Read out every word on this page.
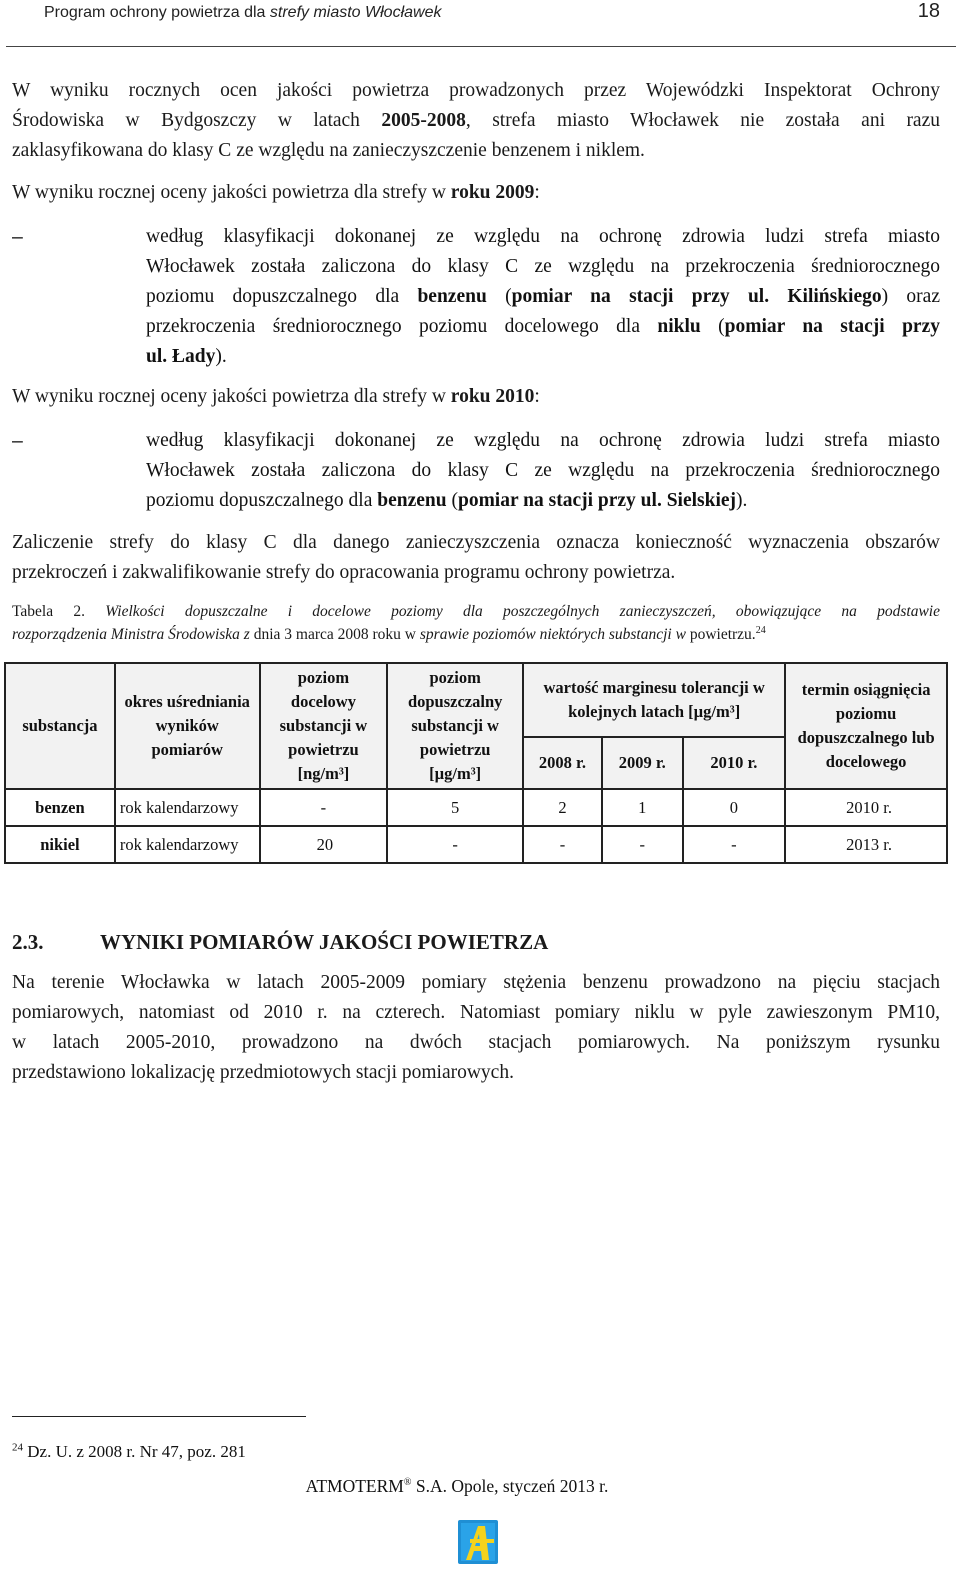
Program ochrony powietrza dla strefy miasto Włocławek	18
W wyniku rocznych ocen jakości powietrza prowadzonych przez Wojewódzki Inspektorat Ochrony
Środowiska w Bydgoszczy w latach 2005-2008, strefa miasto Włocławek nie została ani razu
zaklasyfikowana do klasy C ze względu na zanieczyszczenie benzenem i niklem.
W wyniku rocznej oceny jakości powietrza dla strefy w roku 2009:
–	według klasyfikacji dokonanej ze względu na ochronę zdrowia ludzi strefa miasto
Włocławek została zaliczona do klasy C ze względu na przekroczenia średniorocznego
poziomu dopuszczalnego dla benzenu (pomiar na stacji przy ul. Kilińskiego) oraz
przekroczenia średniorocznego poziomu docelowego dla niklu (pomiar na stacji przy
ul. Łady).
W wyniku rocznej oceny jakości powietrza dla strefy w roku 2010:
–	według klasyfikacji dokonanej ze względu na ochronę zdrowia ludzi strefa miasto
Włocławek została zaliczona do klasy C ze względu na przekroczenia średniorocznego
poziomu dopuszczalnego dla benzenu (pomiar na stacji przy ul. Sielskiej).
Zaliczenie strefy do klasy C dla danego zanieczyszczenia oznacza konieczność wyznaczenia obszarów
przekroczeń i zakwalifikowanie strefy do opracowania programu ochrony powietrza.
Tabela 2. Wielkości dopuszczalne i docelowe poziomy dla poszczególnych zanieczyszczeń, obowiązujące na podstawie
rozporządzenia Ministra Środowiska z dnia 3 marca 2008 roku w sprawie poziomów niektórych substancji w powietrzu.$^{24}$
substancja	okres uśredniania wyników pomiarów	poziom docelowy substancji w powietrzu [ng/m³]	poziom dopuszczalny substancji w powietrzu [µg/m³]	wartość marginesu tolerancji w kolejnych latach [µg/m³]			termin osiągnięcia poziomu dopuszczalnego lub docelowego
				2008 r.	2009 r.	2010 r.	
benzen	rok kalendarzowy	-	5	2	1	0	2010 r.
nikiel	rok kalendarzowy	20	-	-	-	-	2013 r.
2.3.	WYNIKI POMIARÓW JAKOŚCI POWIETRZA
Na terenie Włocławka w latach 2005-2009 pomiary stężenia benzenu prowadzono na pięciu stacjach
pomiarowych, natomiast od 2010 r. na czterech. Natomiast pomiary niklu w pyle zawieszonym PM10,
w latach 2005-2010, prowadzono na dwóch stacjach pomiarowych. Na poniższym rysunku
przedstawiono lokalizację przedmiotowych stacji pomiarowych.
$^{24}$ Dz. U. z 2008 r. Nr 47, poz. 281
ATMOTERM® S.A. Opole, styczeń 2013 r.
